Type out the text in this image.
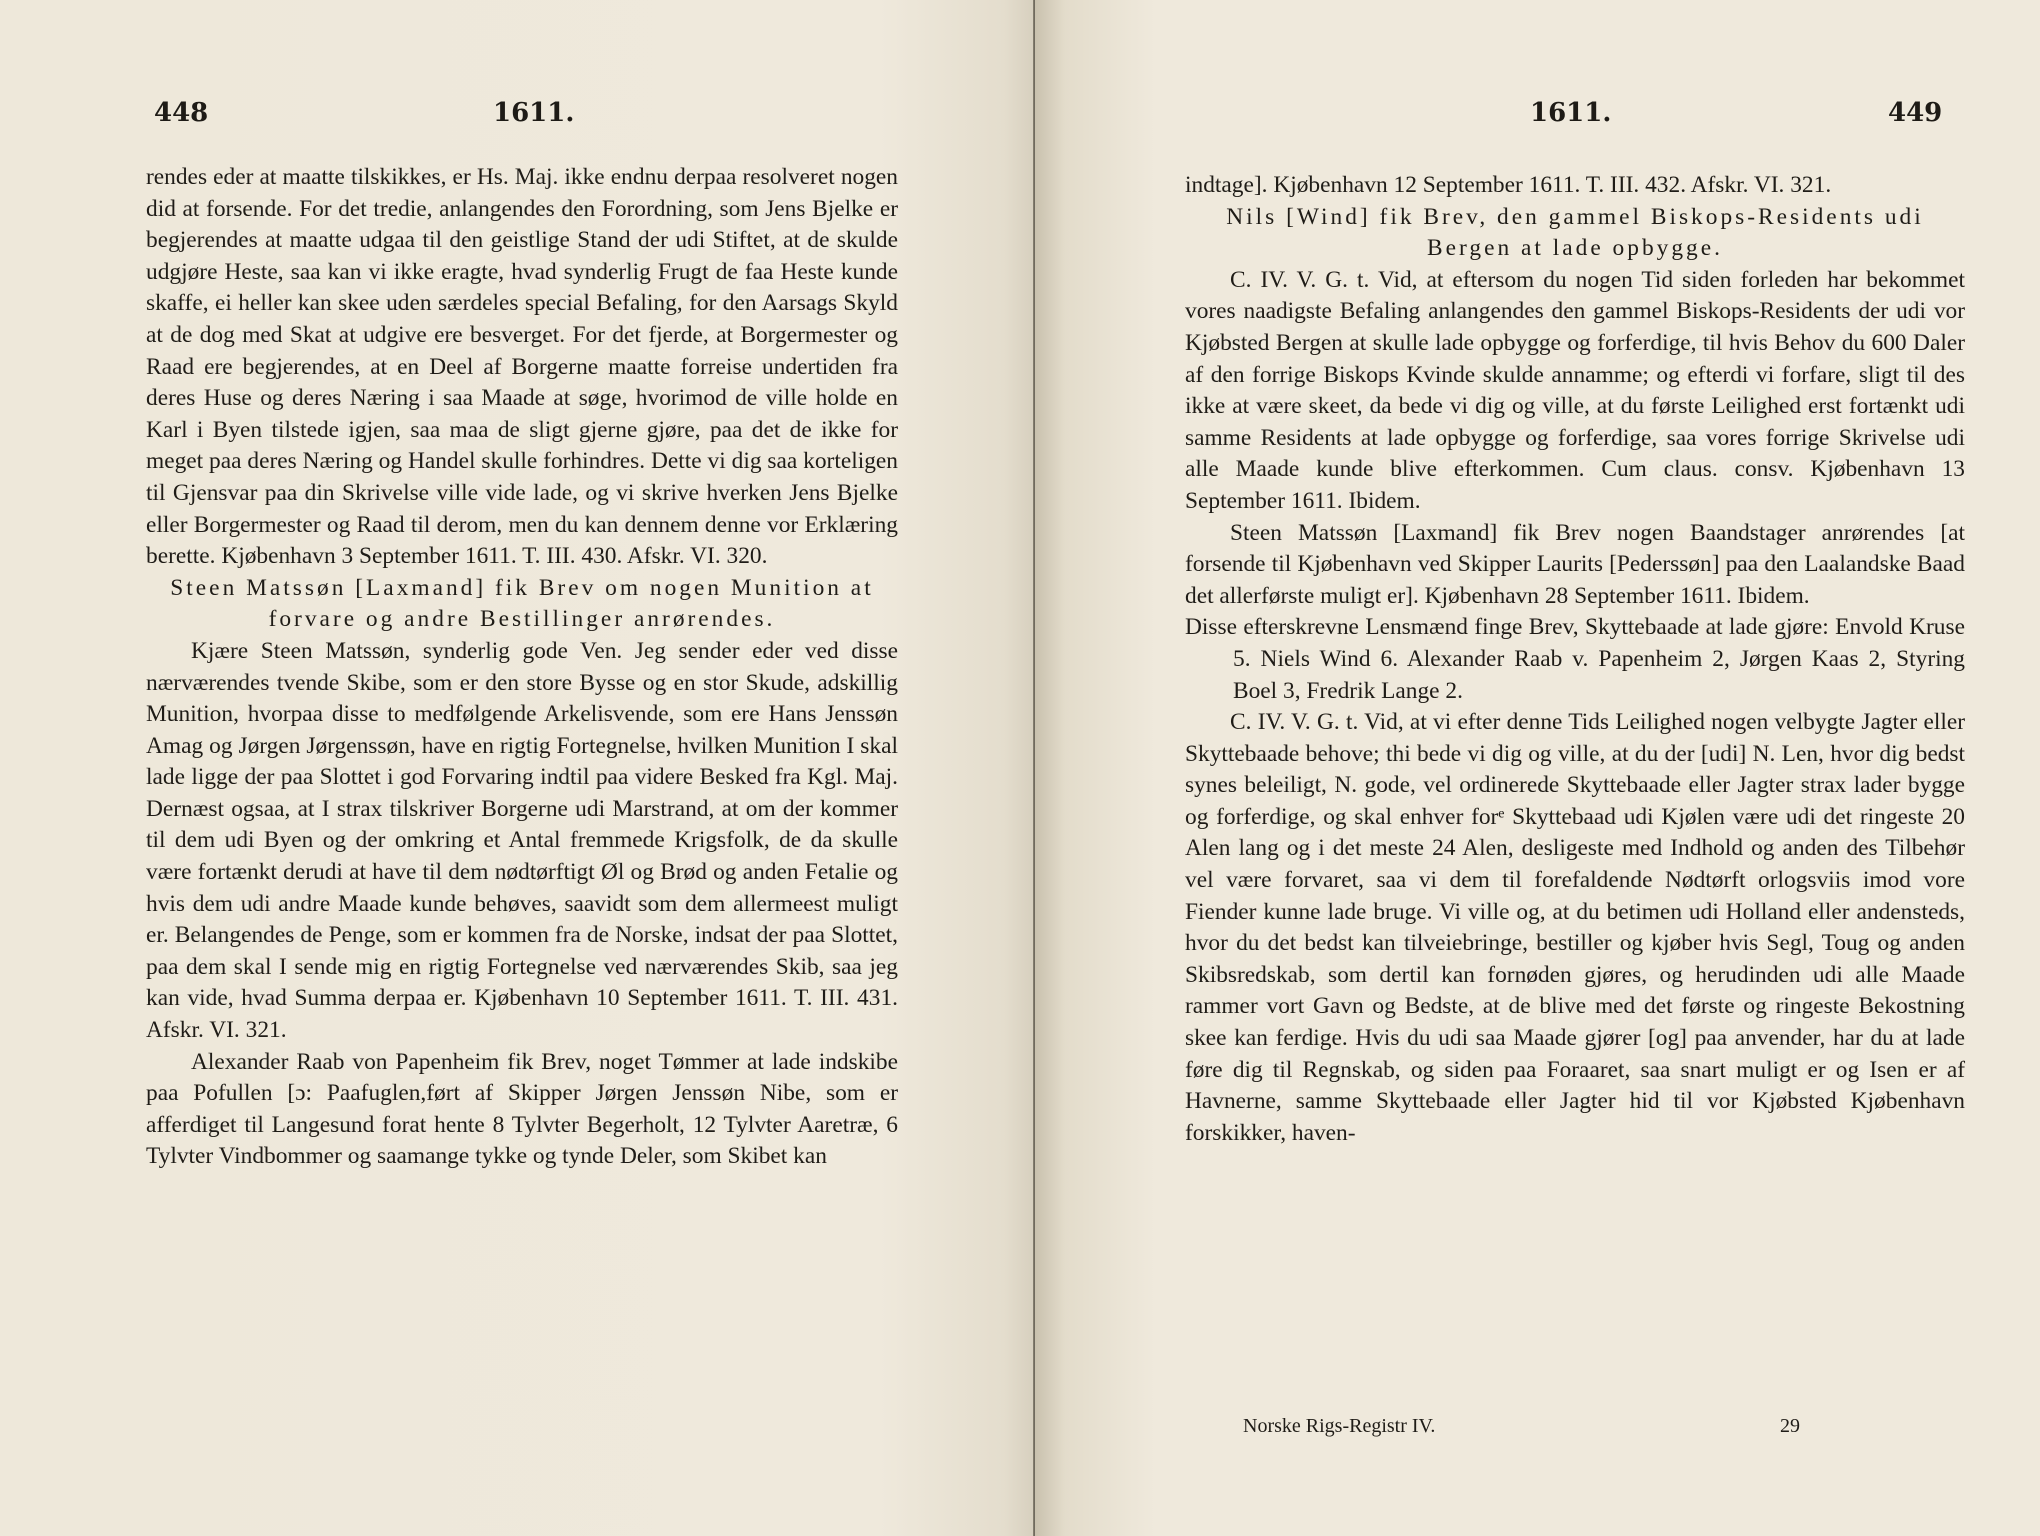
448	1611.

rendes eder at maatte tilskikkes, er Hs. Maj. ikke endnu derpaa resolveret nogen did at forsende. For det tredie, anlangendes den Forordning, som Jens Bjelke er begjerendes at maatte udgaa til den geistlige Stand der udi Stiftet, at de skulde udgjøre Heste, saa kan vi ikke eragte, hvad synderlig Frugt de faa Heste kunde skaffe, ei heller kan skee uden særdeles special Befaling, for den Aarsags Skyld at de dog med Skat at udgive ere besverget. For det fjerde, at Borgermester og Raad ere begjerendes, at en Deel af Borgerne maatte forreise undertiden fra deres Huse og deres Næring i saa Maade at søge, hvorimod de ville holde en Karl i Byen tilstede igjen, saa maa de sligt gjerne gjøre, paa det de ikke for meget paa deres Næring og Handel skulle forhindres. Dette vi dig saa korteligen til Gjensvar paa din Skrivelse ville vide lade, og vi skrive hverken Jens Bjelke eller Borgermester og Raad til derom, men du kan dennem denne vor Erklæring berette. Kjøbenhavn 3 September 1611. T. III. 430. Afskr. VI. 320.

Steen Matssøn [Laxmand] fik Brev om nogen Munition at forvare og andre Bestillinger anrørendes.

Kjære Steen Matssøn, synderlig gode Ven. Jeg sender eder ved disse nærværendes tvende Skibe, som er den store Bysse og en stor Skude, adskillig Munition, hvorpaa disse to medfølgende Arkelisvende, som ere Hans Jenssøn Amag og Jørgen Jørgenssøn, have en rigtig Fortegnelse, hvilken Munition I skal lade ligge der paa Slottet i god Forvaring indtil paa videre Besked fra Kgl. Maj. Dernæst ogsaa, at I strax tilskriver Borgerne udi Marstrand, at om der kommer til dem udi Byen og der omkring et Antal fremmede Krigsfolk, de da skulle være fortænkt derudi at have til dem nødtørftigt Øl og Brød og anden Fetalie og hvis dem udi andre Maade kunde behøves, saavidt som dem allermeest muligt er. Belangendes de Penge, som er kommen fra de Norske, indsat der paa Slottet, paa dem skal I sende mig en rigtig Fortegnelse ved nærværendes Skib, saa jeg kan vide, hvad Summa derpaa er. Kjøbenhavn 10 September 1611. T. III. 431. Afskr. VI. 321.

Alexander Raab von Papenheim fik Brev, noget Tømmer at lade indskibe paa Pofullen [ɔ: Paafuglen,ført af Skipper Jørgen Jenssøn Nibe, som er afferdiget til Langesund forat hente 8 Tylvter Begerholt, 12 Tylvter Aaretræ, 6 Tylvter Vindbommer og saamange tykke og tynde Deler, som Skibet kan

1611.	449

indtage]. Kjøbenhavn 12 September 1611. T. III. 432. Afskr. VI. 321.

Nils [Wind] fik Brev, den gammel Biskops-Residents udi Bergen at lade opbygge.

C. IV. V. G. t. Vid, at eftersom du nogen Tid siden forleden har bekommet vores naadigste Befaling anlangendes den gammel Biskops-Residents der udi vor Kjøbsted Bergen at skulle lade opbygge og forferdige, til hvis Behov du 600 Daler af den forrige Biskops Kvinde skulde annamme; og efterdi vi forfare, sligt til des ikke at være skeet, da bede vi dig og ville, at du første Leilighed erst fortænkt udi samme Residents at lade opbygge og forferdige, saa vores forrige Skrivelse udi alle Maade kunde blive efterkommen. Cum claus. consv. Kjøbenhavn 13 September 1611. Ibidem.

Steen Matssøn [Laxmand] fik Brev nogen Baandstager anrørendes [at forsende til Kjøbenhavn ved Skipper Laurits [Pederssøn] paa den Laalandske Baad det allerførste muligt er]. Kjøbenhavn 28 September 1611. Ibidem.

Disse efterskrevne Lensmænd finge Brev, Skyttebaade at lade gjøre: Envold Kruse 5. Niels Wind 6. Alexander Raab v. Papenheim 2, Jørgen Kaas 2, Styring Boel 3, Fredrik Lange 2.

C. IV. V. G. t. Vid, at vi efter denne Tids Leilighed nogen velbygte Jagter eller Skyttebaade behove; thi bede vi dig og ville, at du der [udi] N. Len, hvor dig bedst synes beleiligt, N. gode, vel ordinerede Skyttebaade eller Jagter strax lader bygge og forferdige, og skal enhver forᵉ Skyttebaad udi Kjølen være udi det ringeste 20 Alen lang og i det meste 24 Alen, desligeste med Indhold og anden des Tilbehør vel være forvaret, saa vi dem til forefaldende Nødtørft orlogsviis imod vore Fiender kunne lade bruge. Vi ville og, at du betimen udi Holland eller andensteds, hvor du det bedst kan tilveiebringe, bestiller og kjøber hvis Segl, Toug og anden Skibsredskab, som dertil kan fornøden gjøres, og herudinden udi alle Maade rammer vort Gavn og Bedste, at de blive med det første og ringeste Bekostning skee kan ferdige. Hvis du udi saa Maade gjører [og] paa anvender, har du at lade føre dig til Regnskab, og siden paa Foraaret, saa snart muligt er og Isen er af Havnerne, samme Skyttebaade eller Jagter hid til vor Kjøbsted Kjøbenhavn forskikker, haven-

Norske Rigs-Registr IV.	29
